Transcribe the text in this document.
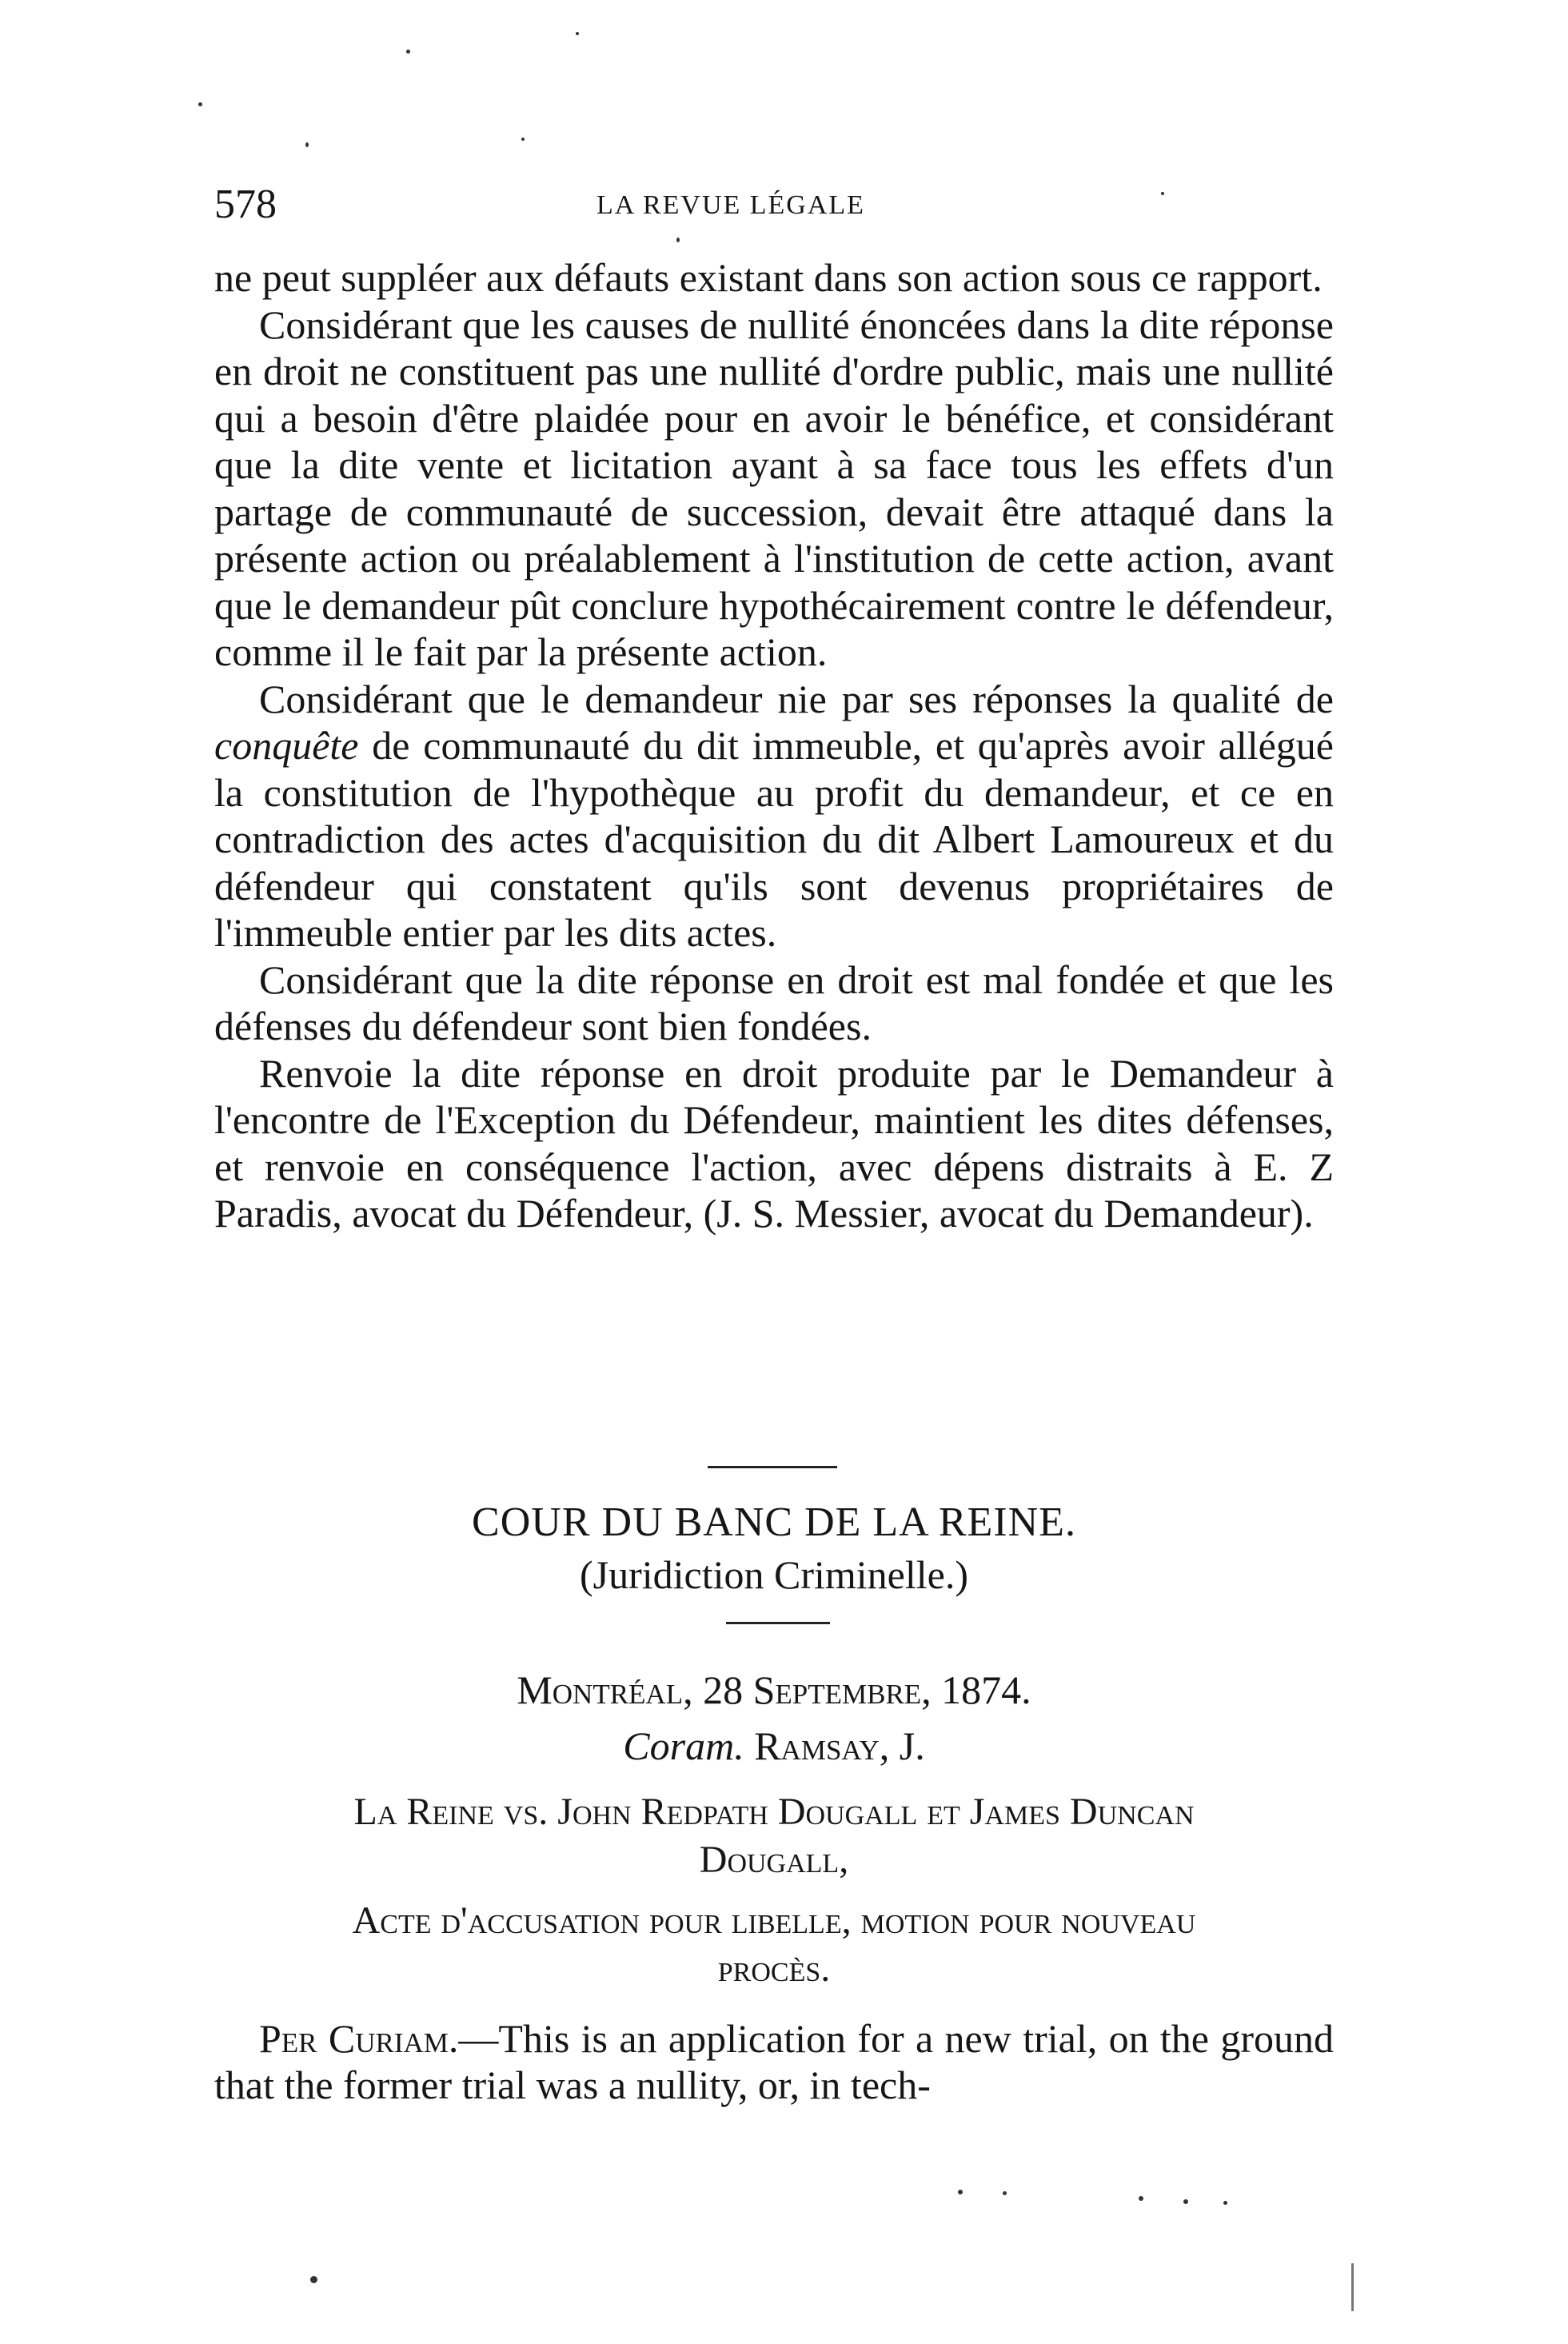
578	LA REVUE LÉGALE

ne peut suppléer aux défauts existant dans son action sous ce rapport.

Considérant que les causes de nullité énoncées dans la dite réponse en droit ne constituent pas une nullité d'ordre public, mais une nullité qui a besoin d'être plaidée pour en avoir le bénéfice, et considérant que la dite vente et licitation ayant à sa face tous les effets d'un partage de communauté de succession, devait être attaqué dans la présente action ou préalablement à l'institution de cette action, avant que le demandeur pût conclure hypothécairement contre le défendeur, comme il le fait par la présente action.

Considérant que le demandeur nie par ses réponses la qualité de conquête de communauté du dit immeuble, et qu'après avoir allégué la constitution de l'hypothèque au profit du demandeur, et ce en contradiction des actes d'acquisition du dit Albert Lamoureux et du défendeur qui constatent qu'ils sont devenus propriétaires de l'immeuble entier par les dits actes.

Considérant que la dite réponse en droit est mal fondée et que les défenses du défendeur sont bien fondées.

Renvoie la dite réponse en droit produite par le Demandeur à l'encontre de l'Exception du Défendeur, maintient les dites défenses, et renvoie en conséquence l'action, avec dépens distraits à E. Z Paradis, avocat du Défendeur, (J. S. Messier, avocat du Demandeur).

COUR DU BANC DE LA REINE.
(Juridiction Criminelle.)
Montréal, 28 Septembre, 1874.
Coram. Ramsay, J.
La Reine vs. John Redpath Dougall et James Duncan
Dougall,
Acte d'accusation pour libelle, motion pour nouveau
procès.

Per Curiam.—This is an application for a new trial, on the ground that the former trial was a nullity, or, in tech-
